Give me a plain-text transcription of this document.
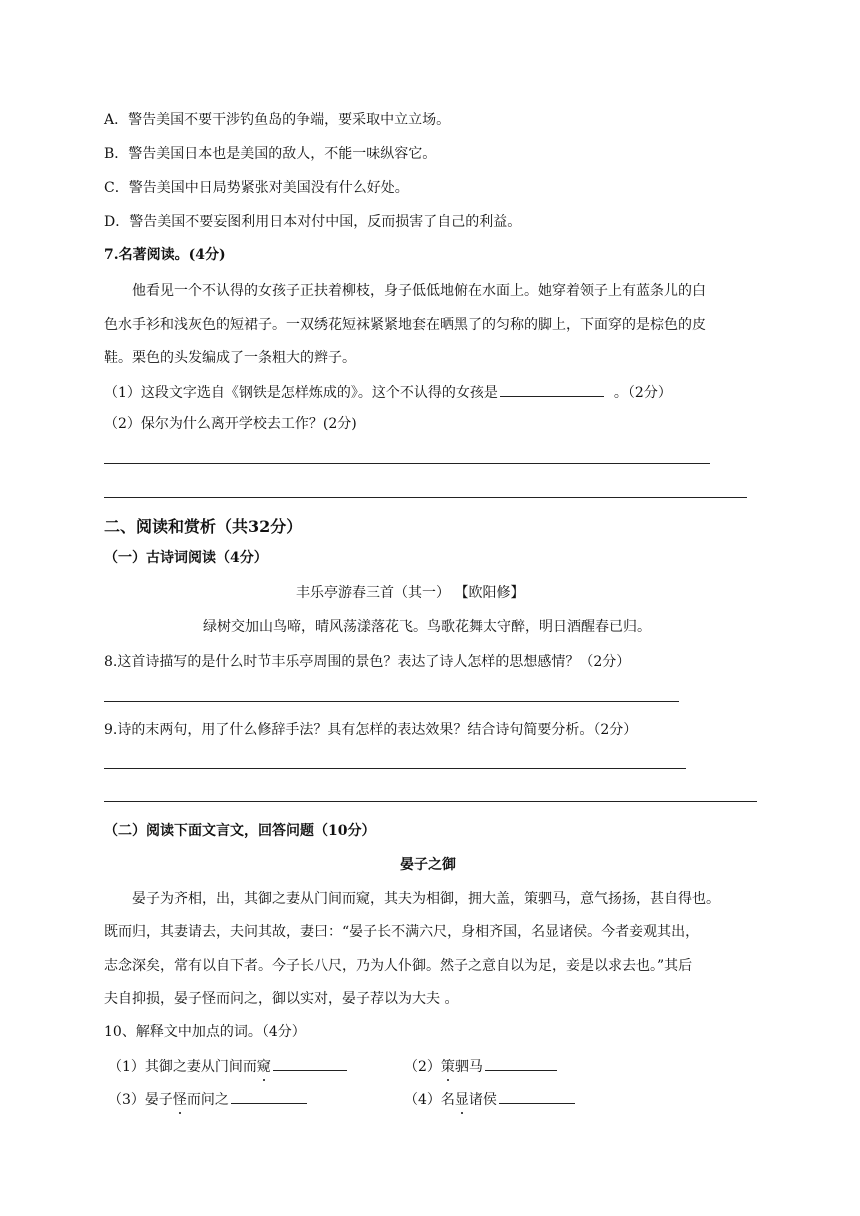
A．警告美国不要干涉钓鱼岛的争端，要采取中立立场。
B．警告美国日本也是美国的敌人，不能一味纵容它。
C．警告美国中日局势紧张对美国没有什么好处。
D．警告美国不要妄图利用日本对付中国，反而损害了自己的利益。
7.名著阅读。(4分)
他看见一个不认得的女孩子正扶着柳枝，身子低低地俯在水面上。她穿着领子上有蓝条儿的白
色水手衫和浅灰色的短裙子。一双绣花短袜紧紧地套在晒黑了的匀称的脚上，下面穿的是棕色的皮
鞋。栗色的头发编成了一条粗大的辫子。
（1）这段文字选自《钢铁是怎样炼成的》。这个不认得的女孩是	。（2分）
（2）保尔为什么离开学校去工作？(2分)
二、阅读和赏析（共32分）
（一）古诗词阅读（4分）
丰乐亭游春三首（其一） 【欧阳修】
绿树交加山鸟啼，晴风荡漾落花飞。鸟歌花舞太守醉，明日酒醒春已归。
8.这首诗描写的是什么时节丰乐亭周围的景色？表达了诗人怎样的思想感情？（2分）
9.诗的末两句，用了什么修辞手法？具有怎样的表达效果？结合诗句简要分析。（2分）
（二）阅读下面文言文，回答问题（10分）
晏子之御
晏子为齐相，出，其御之妻从门间而窥，其夫为相御，拥大盖，策驷马，意气扬扬，甚自得也。
既而归，其妻请去，夫问其故，妻曰：“晏子长不满六尺，身相齐国，名显诸侯。今者妾观其出，
志念深矣，常有以自下者。今子长八尺，乃为人仆御。然子之意自以为足，妾是以求去也。”其后
夫自抑损，晏子怪而问之，御以实对，晏子荐以为大夫 。
10、解释文中加点的词。（4分）
（1）其御之妻从门间而窥	（2）策驷马
（3）晏子怪而问之	（4）名显诸侯
